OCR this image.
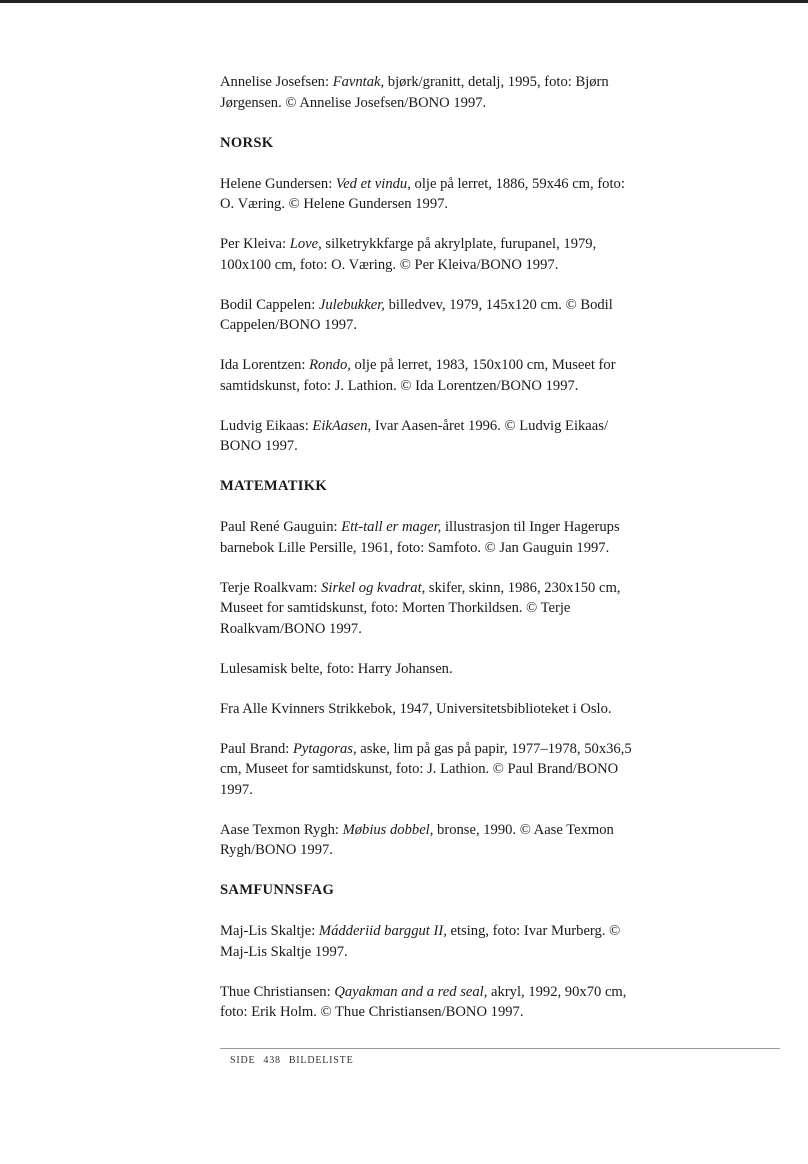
Annelise Josefsen: Favntak, bjørk/granitt, detalj, 1995, foto: Bjørn Jørgensen. © Annelise Josefsen/BONO 1997.

NORSK

Helene Gundersen: Ved et vindu, olje på lerret, 1886, 59x46 cm, foto: O. Væring. © Helene Gundersen 1997.

Per Kleiva: Love, silketrykkfarge på akrylplate, furupanel, 1979, 100x100 cm, foto: O. Væring. © Per Kleiva/BONO 1997.

Bodil Cappelen: Julebukker, billedvev, 1979, 145x120 cm. © Bodil Cappelen/BONO 1997.

Ida Lorentzen: Rondo, olje på lerret, 1983, 150x100 cm, Museet for samtidskunst, foto: J. Lathion. © Ida Lorentzen/BONO 1997.

Ludvig Eikaas: EikAasen, Ivar Aasen-året 1996. © Ludvig Eikaas/ BONO 1997.

MATEMATIKK

Paul René Gauguin: Ett-tall er mager, illustrasjon til Inger Hagerups barnebok Lille Persille, 1961, foto: Samfoto. © Jan Gauguin 1997.

Terje Roalkvam: Sirkel og kvadrat, skifer, skinn, 1986, 230x150 cm, Museet for samtidskunst, foto: Morten Thorkildsen. © Terje Roalkvam/BONO 1997.

Lulesamisk belte, foto: Harry Johansen.

Fra Alle Kvinners Strikkebok, 1947, Universitetsbiblioteket i Oslo.

Paul Brand: Pytagoras, aske, lim på gas på papir, 1977–1978, 50x36,5 cm, Museet for samtidskunst, foto: J. Lathion. © Paul Brand/BONO 1997.

Aase Texmon Rygh: Møbius dobbel, bronse, 1990. © Aase Texmon Rygh/BONO 1997.

SAMFUNNSFAG

Maj-Lis Skaltje: Mádderiid barggut II, etsing, foto: Ivar Murberg. © Maj-Lis Skaltje 1997.

Thue Christiansen: Qayakman and a red seal, akryl, 1992, 90x70 cm, foto: Erik Holm. © Thue Christiansen/BONO 1997.

SIDE 438 BILDELISTE
